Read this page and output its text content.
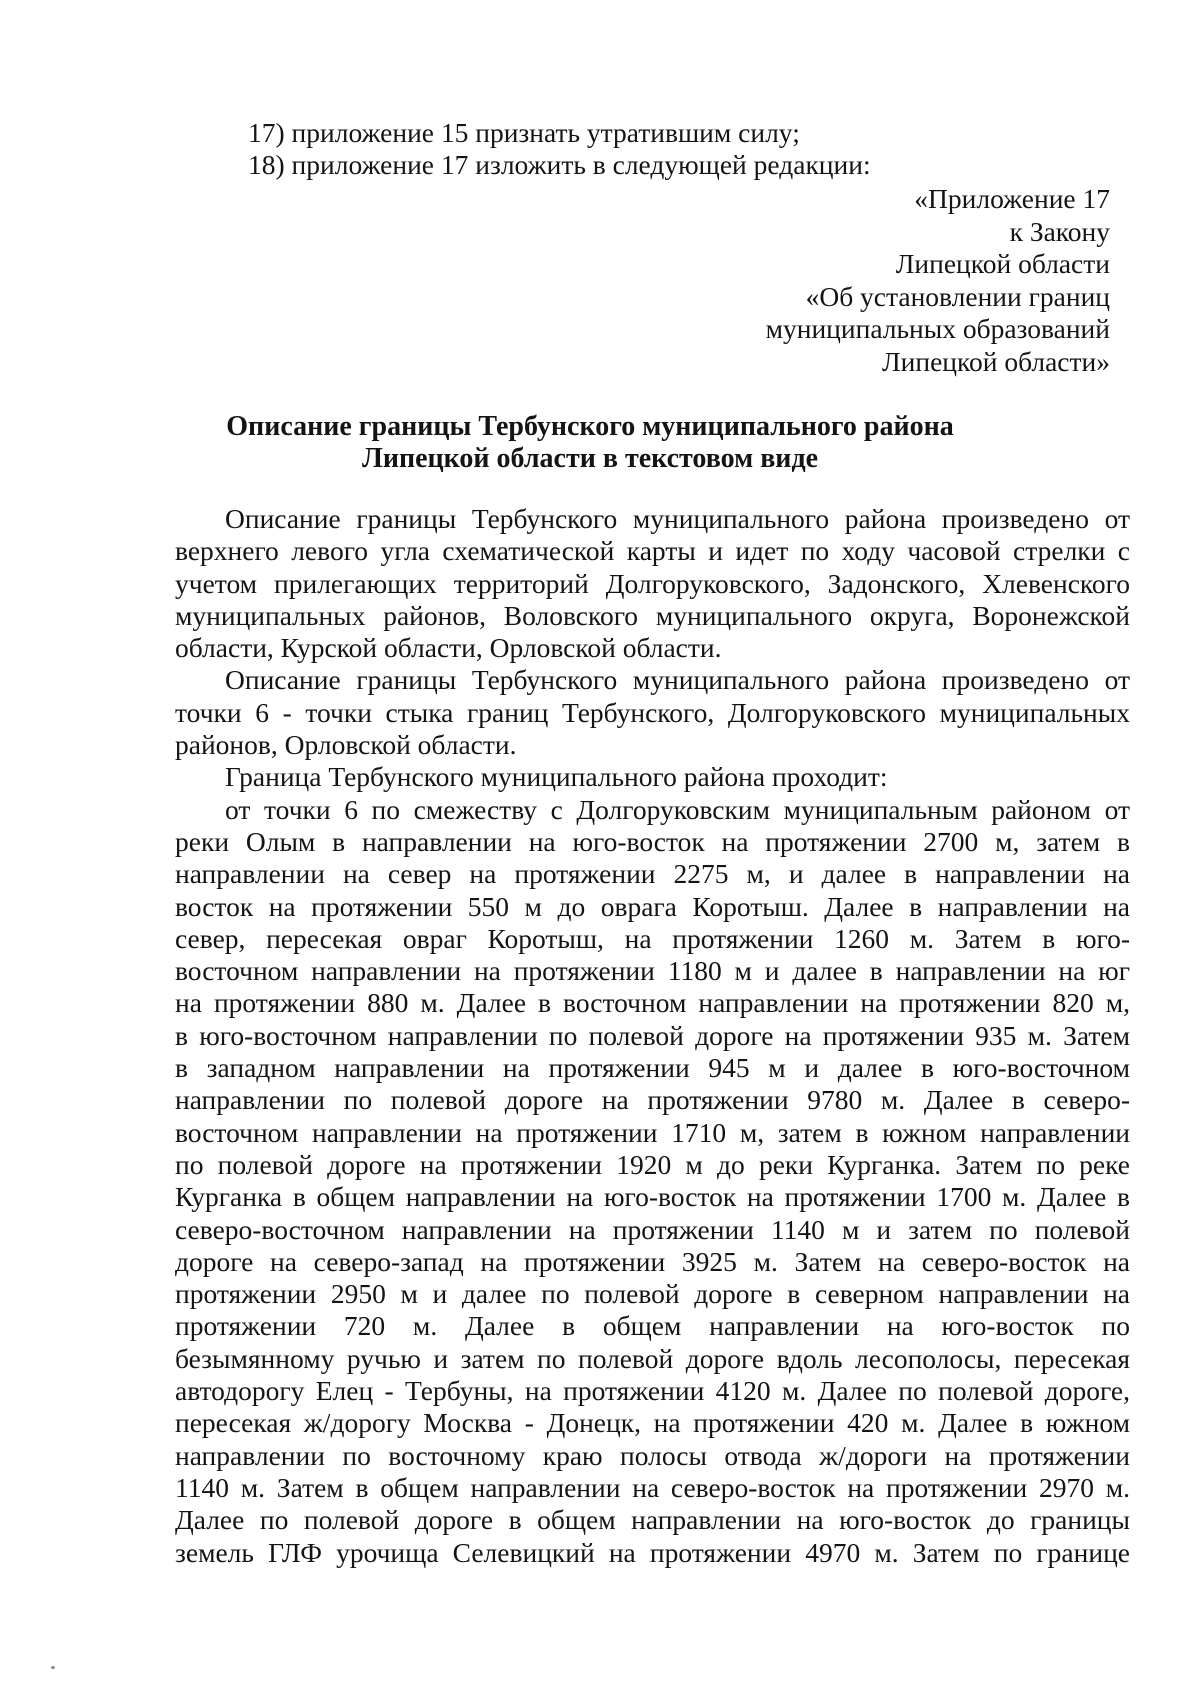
17) приложение 15 признать утратившим силу;
18) приложение 17 изложить в следующей редакции:
«Приложение 17
к Закону
Липецкой области
«Об установлении границ
муниципальных образований
Липецкой области»
Описание границы Тербунского муниципального района
Липецкой области в текстовом виде
Описание границы Тербунского муниципального района произведено от
верхнего левого угла схематической карты и идет по ходу часовой стрелки с
учетом прилегающих территорий Долгоруковского, Задонского, Хлевенского
муниципальных районов, Воловского муниципального округа, Воронежской
области, Курской области, Орловской области.
Описание границы Тербунского муниципального района произведено от
точки 6 - точки стыка границ Тербунского, Долгоруковского муниципальных
районов, Орловской области.
Граница Тербунского муниципального района проходит:
от точки 6 по смежеству с Долгоруковским муниципальным районом от
реки Олым в направлении на юго-восток на протяжении 2700 м, затем в
направлении на север на протяжении 2275 м, и далее в направлении на
восток на протяжении 550 м до оврага Коротыш. Далее в направлении на
север, пересекая овраг Коротыш, на протяжении 1260 м. Затем в юго-
восточном направлении на протяжении 1180 м и далее в направлении на юг
на протяжении 880 м. Далее в восточном направлении на протяжении 820 м,
в юго-восточном направлении по полевой дороге на протяжении 935 м. Затем
в западном направлении на протяжении 945 м и далее в юго-восточном
направлении по полевой дороге на протяжении 9780 м. Далее в северо-
восточном направлении на протяжении 1710 м, затем в южном направлении
по полевой дороге на протяжении 1920 м до реки Курганка. Затем по реке
Курганка в общем направлении на юго-восток на протяжении 1700 м. Далее в
северо-восточном направлении на протяжении 1140 м и затем по полевой
дороге на северо-запад на протяжении 3925 м. Затем на северо-восток на
протяжении 2950 м и далее по полевой дороге в северном направлении на
протяжении 720 м. Далее в общем направлении на юго-восток по
безымянному ручью и затем по полевой дороге вдоль лесополосы, пересекая
автодорогу Елец - Тербуны, на протяжении 4120 м. Далее по полевой дороге,
пересекая ж/дорогу Москва - Донецк, на протяжении 420 м. Далее в южном
направлении по восточному краю полосы отвода ж/дороги на протяжении
1140 м. Затем в общем направлении на северо-восток на протяжении 2970 м.
Далее по полевой дороге в общем направлении на юго-восток до границы
земель ГЛФ урочища Селевицкий на протяжении 4970 м. Затем по границе
